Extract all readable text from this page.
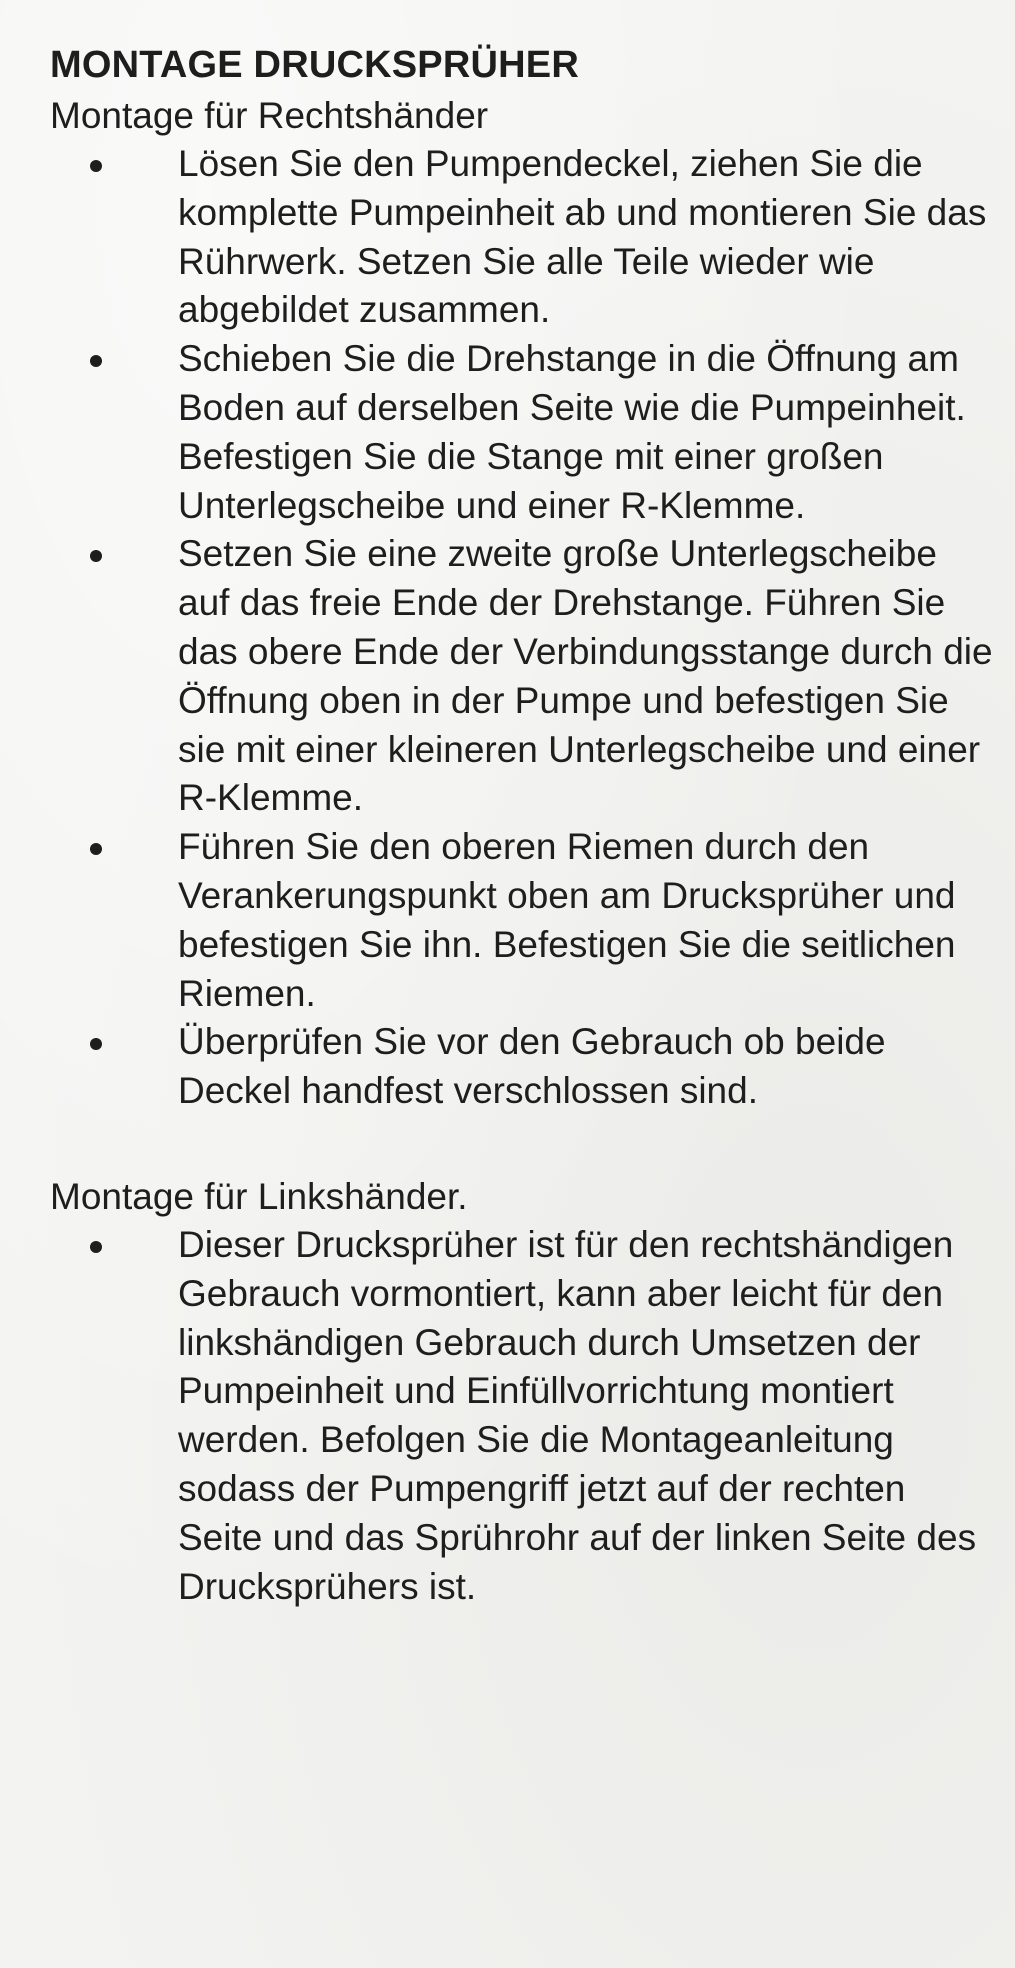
MONTAGE DRUCKSPRÜHER

Montage für Rechtshänder

Lösen Sie den Pumpendeckel, ziehen Sie die komplette Pumpeinheit ab und montieren Sie das Rührwerk. Setzen Sie alle Teile wieder wie abgebildet zusammen.
Schieben Sie die Drehstange in die Öffnung am Boden auf derselben Seite wie die Pumpeinheit. Befestigen Sie die Stange mit einer großen Unterlegscheibe und einer R-Klemme.
Setzen Sie eine zweite große Unterlegscheibe auf das freie Ende der Drehstange. Führen Sie das obere Ende der Verbindungsstange durch die Öffnung oben in der Pumpe und befestigen Sie sie mit einer kleineren Unterlegscheibe und einer R-Klemme.
Führen Sie den oberen Riemen durch den Verankerungspunkt oben am Drucksprüher und befestigen Sie ihn. Befestigen Sie die seitlichen Riemen.
Überprüfen Sie vor den Gebrauch ob beide Deckel handfest verschlossen sind.

Montage für Linkshänder.

Dieser Drucksprüher ist für den rechtshändigen Gebrauch vormontiert, kann aber leicht für den linkshändigen Gebrauch durch Umsetzen der Pumpeinheit und Einfüllvorrichtung montiert werden. Befolgen Sie die Montageanleitung sodass der Pumpengriff jetzt auf der rechten Seite und das Sprührohr auf der linken Seite des Drucksprühers ist.
